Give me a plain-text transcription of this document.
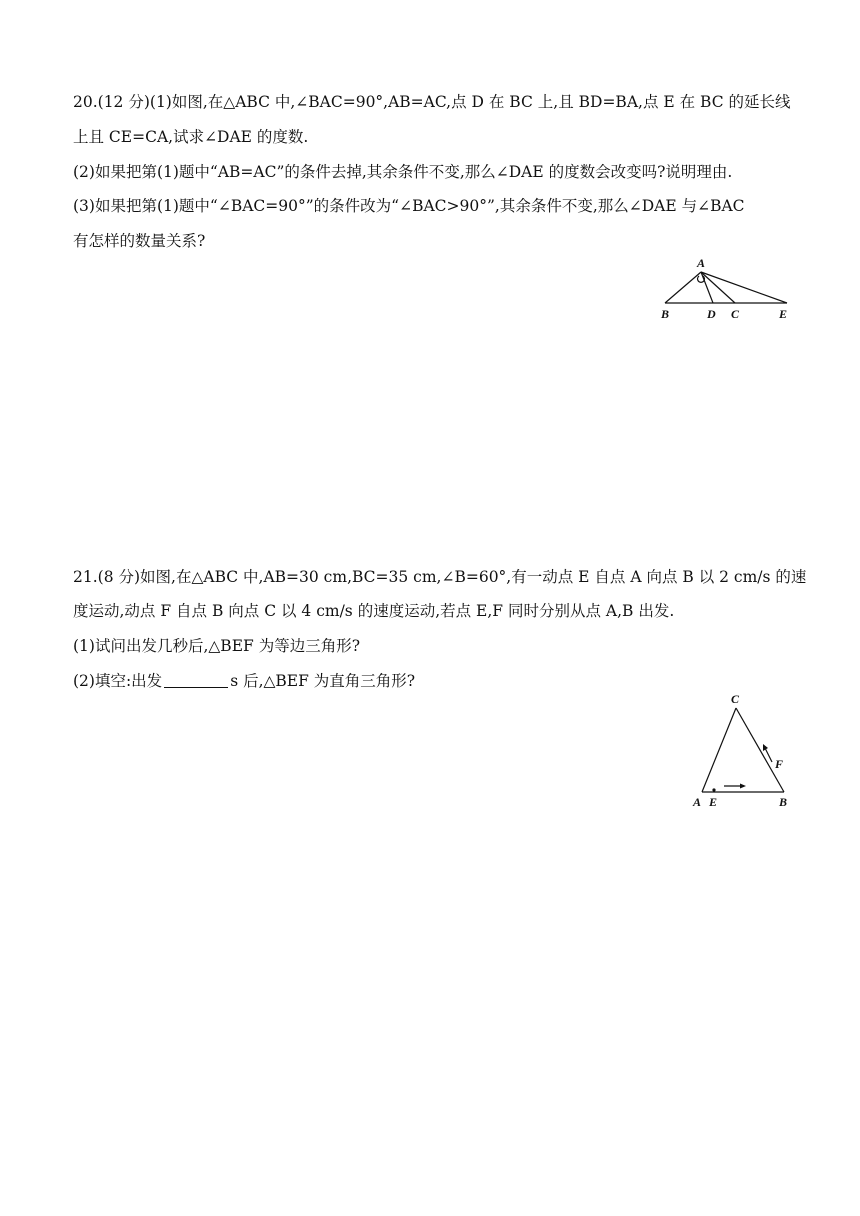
20.(12 分)(1)如图,在△ABC 中,∠BAC=90°,AB=AC,点 D 在 BC 上,且 BD=BA,点 E 在 BC 的延长线
上且 CE=CA,试求∠DAE 的度数.
(2)如果把第(1)题中“AB=AC”的条件去掉,其余条件不变,那么∠DAE 的度数会改变吗?说明理由.
(3)如果把第(1)题中“∠BAC=90°”的条件改为“∠BAC>90°”,其余条件不变,那么∠DAE 与∠BAC
有怎样的数量关系?
A
B	D C	E
21.(8 分)如图,在△ABC 中,AB=30 cm,BC=35 cm,∠B=60°,有一动点 E 自点 A 向点 B 以 2 cm/s 的速
度运动,动点 F 自点 B 向点 C 以 4 cm/s 的速度运动,若点 E,F 同时分别从点 A,B 出发.
(1)试问出发几秒后,△BEF 为等边三角形?
(2)填空:出发	s 后,△BEF 为直角三角形?
C
F
A E	B
